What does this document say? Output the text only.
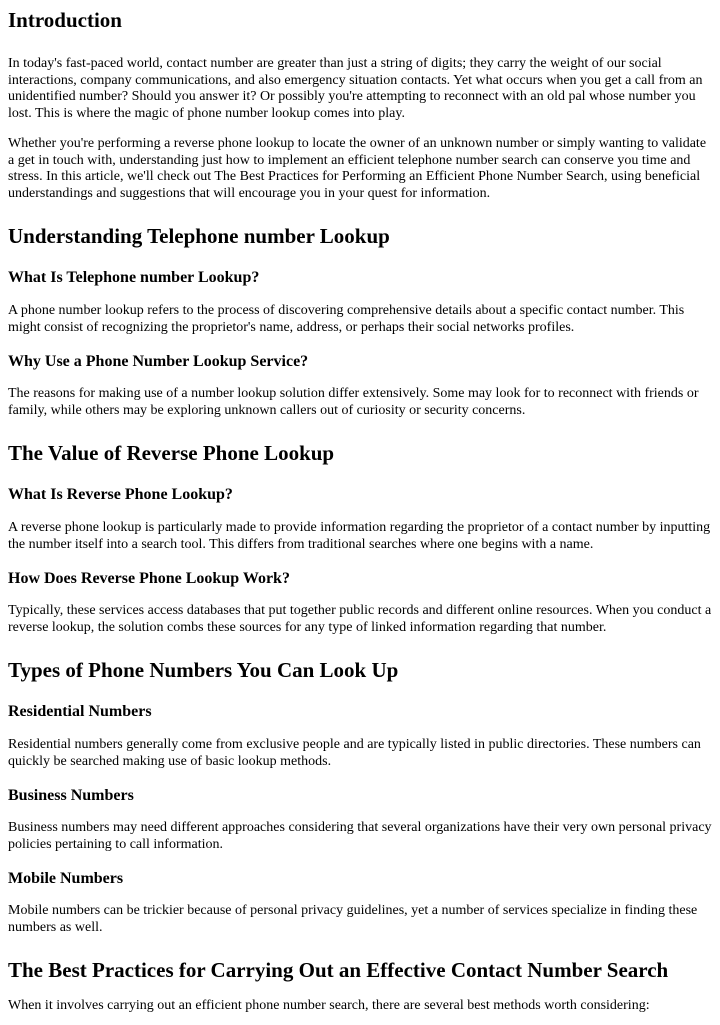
Introduction

In today's fast-paced world, contact number are greater than just a string of digits; they carry the weight of our social interactions, company communications, and also emergency situation contacts. Yet what occurs when you get a call from an unidentified number? Should you answer it? Or possibly you're attempting to reconnect with an old pal whose number you lost. This is where the magic of phone number lookup comes into play.

Whether you're performing a reverse phone lookup to locate the owner of an unknown number or simply wanting to validate a get in touch with, understanding just how to implement an efficient telephone number search can conserve you time and stress. In this article, we'll check out The Best Practices for Performing an Efficient Phone Number Search, using beneficial understandings and suggestions that will encourage you in your quest for information.

Understanding Telephone number Lookup
What Is Telephone number Lookup?

A phone number lookup refers to the process of discovering comprehensive details about a specific contact number. This might consist of recognizing the proprietor's name, address, or perhaps their social networks profiles.

Why Use a Phone Number Lookup Service?

The reasons for making use of a number lookup solution differ extensively. Some may look for to reconnect with friends or family, while others may be exploring unknown callers out of curiosity or security concerns.

The Value of Reverse Phone Lookup
What Is Reverse Phone Lookup?

A reverse phone lookup is particularly made to provide information regarding the proprietor of a contact number by inputting the number itself into a search tool. This differs from traditional searches where one begins with a name.

How Does Reverse Phone Lookup Work?

Typically, these services access databases that put together public records and different online resources. When you conduct a reverse lookup, the solution combs these sources for any type of linked information regarding that number.

Types of Phone Numbers You Can Look Up
Residential Numbers

Residential numbers generally come from exclusive people and are typically listed in public directories. These numbers can quickly be searched making use of basic lookup methods.

Business Numbers

Business numbers may need different approaches considering that several organizations have their very own personal privacy policies pertaining to call information.

Mobile Numbers

Mobile numbers can be trickier because of personal privacy guidelines, yet a number of services specialize in finding these numbers as well.

The Best Practices for Carrying Out an Effective Contact Number Search

When it involves carrying out an efficient phone number search, there are several best methods worth considering:
